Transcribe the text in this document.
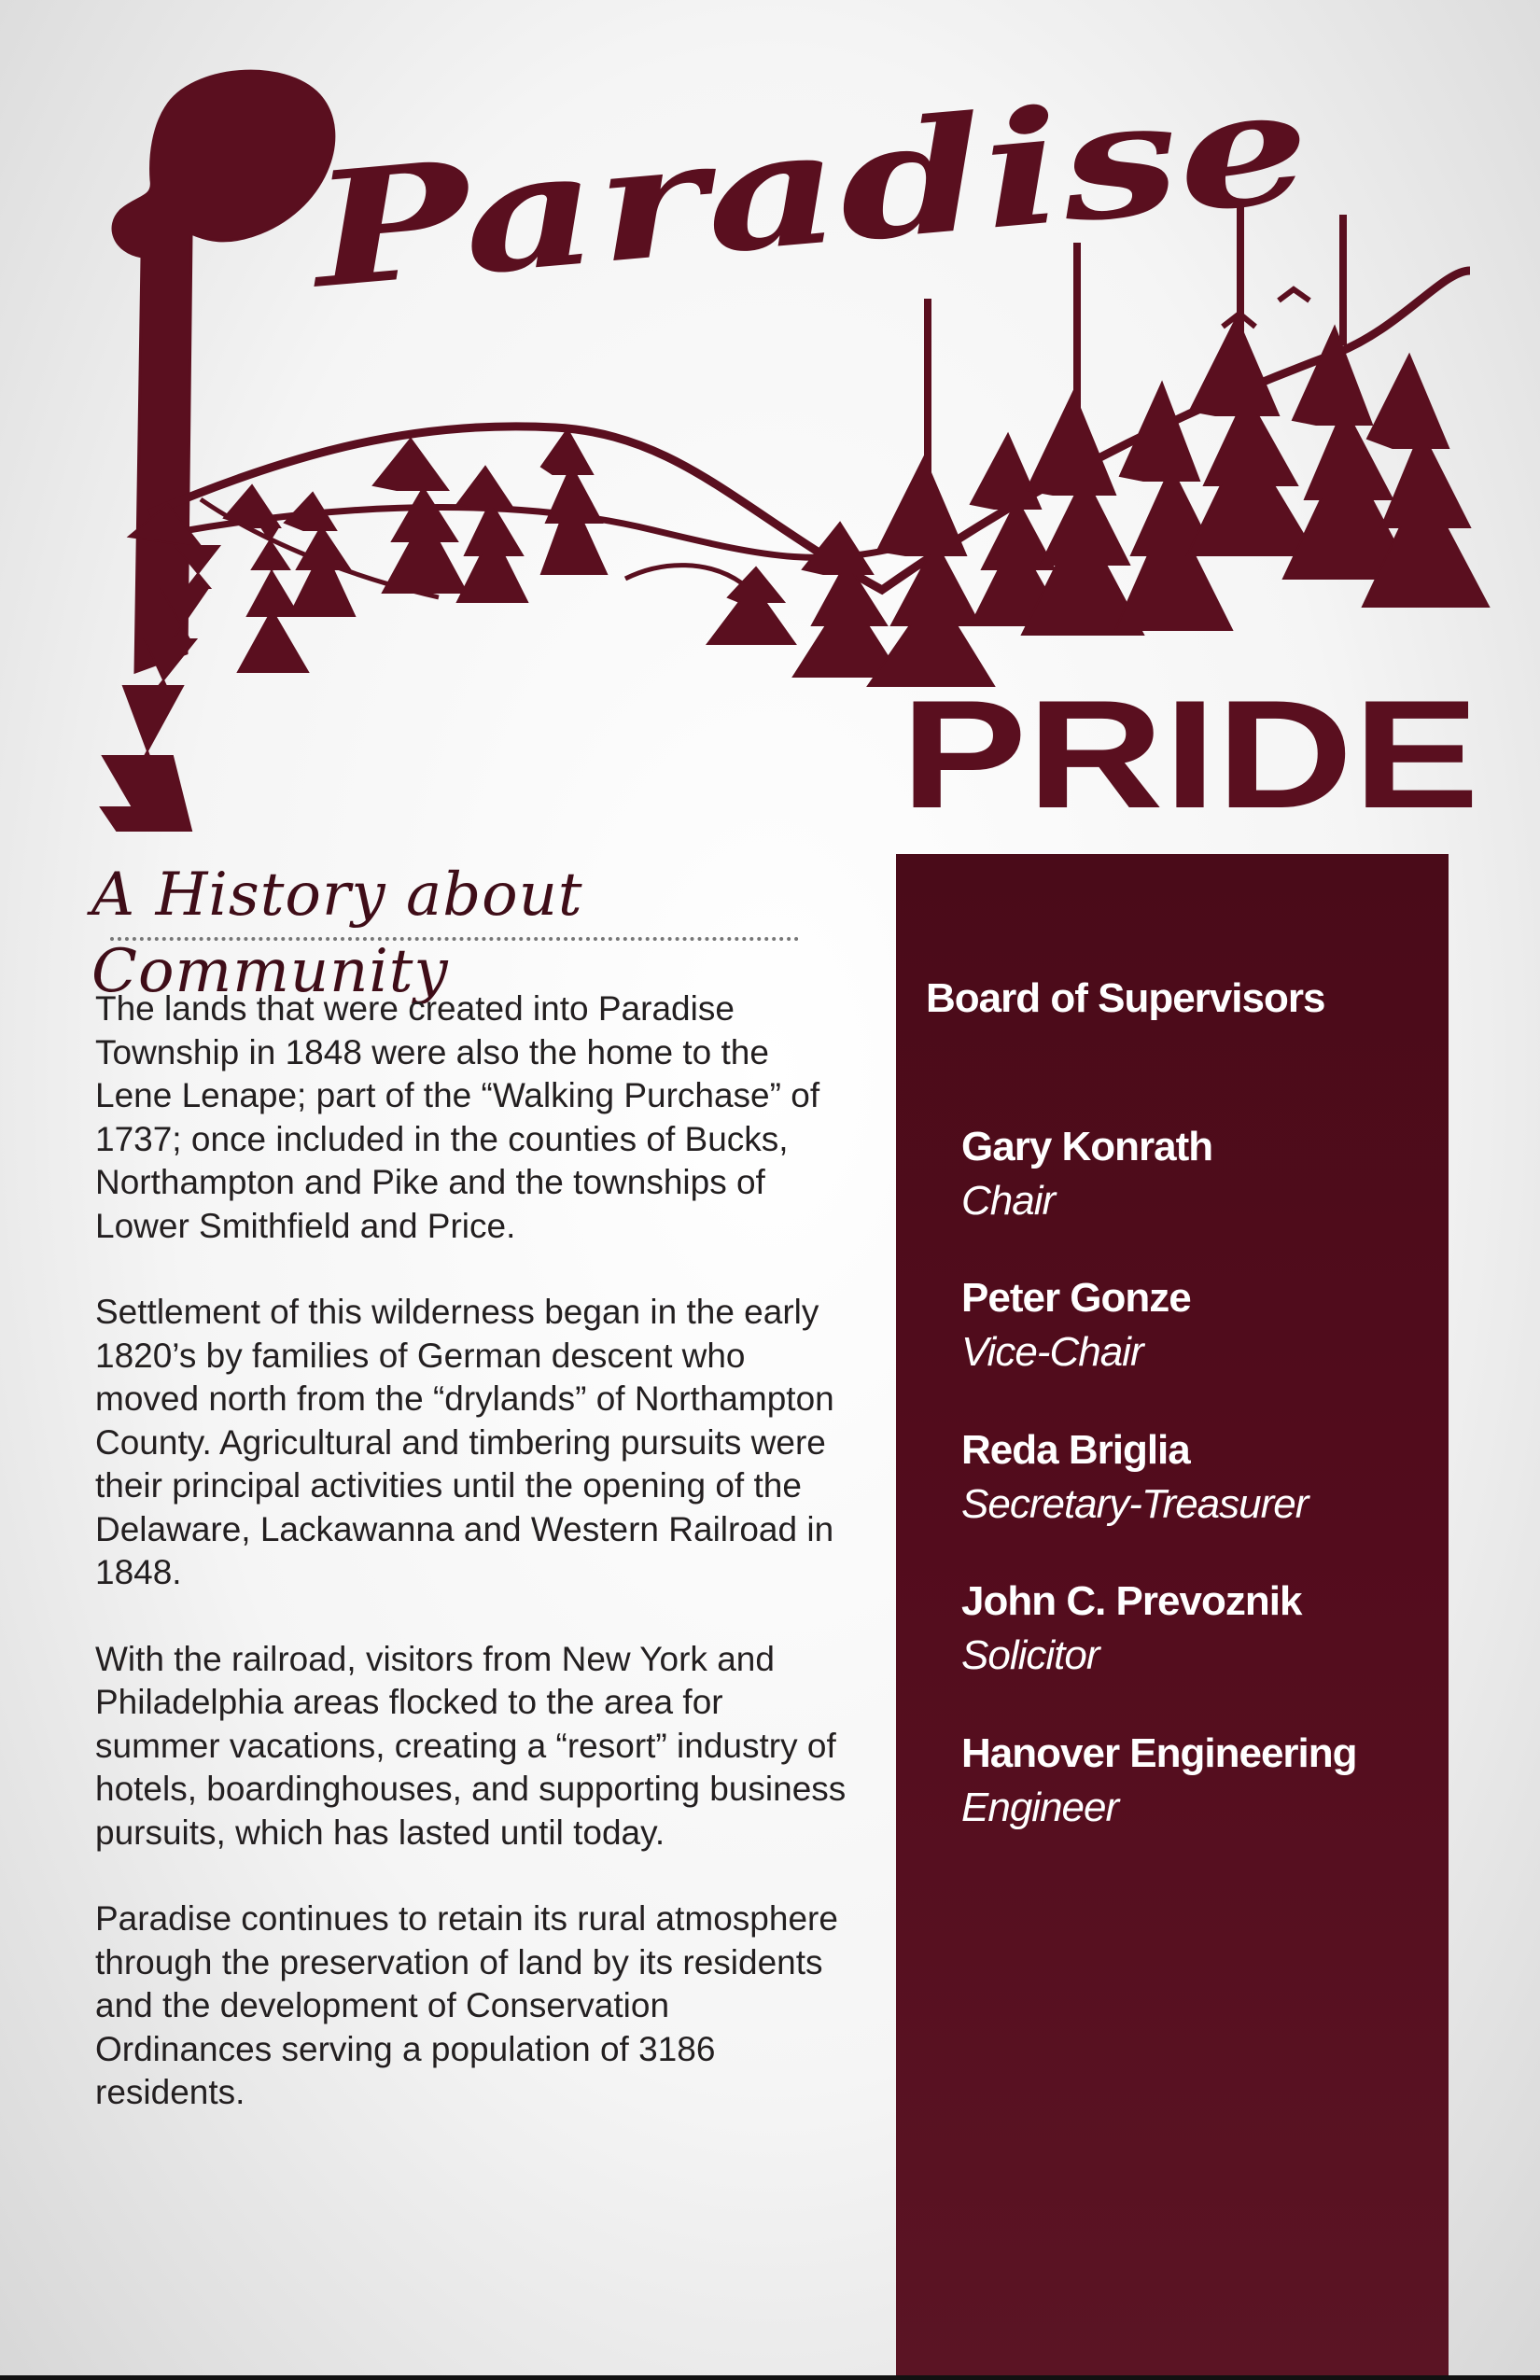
Paradise
PRIDE
A History about Community

The lands that were created into Paradise Township in 1848 were also the home to the Lene Lenape; part of the “Walking Purchase” of 1737; once included in the counties of Bucks, Northampton and Pike and the townships of Lower Smithfield and Price.

Settlement of this wilderness began in the early 1820’s by families of German descent who moved north from the “drylands” of Northampton County. Agricultural and timbering pursuits were their principal activities until the opening of the Delaware, Lackawanna and Western Railroad in 1848.

With the railroad, visitors from New York and Philadelphia areas flocked to the area for summer vacations, creating a “resort” industry of hotels, boardinghouses, and supporting business pursuits, which has lasted until today.

Paradise continues to retain its rural atmosphere through the preservation of land by its residents and the development of Conservation Ordinances serving a population of 3186 residents.

Board of Supervisors
Gary Konrath
Chair
Peter Gonze
Vice-Chair
Reda Briglia
Secretary-Treasurer
John C. Prevoznik
Solicitor
Hanover Engineering
Engineer
